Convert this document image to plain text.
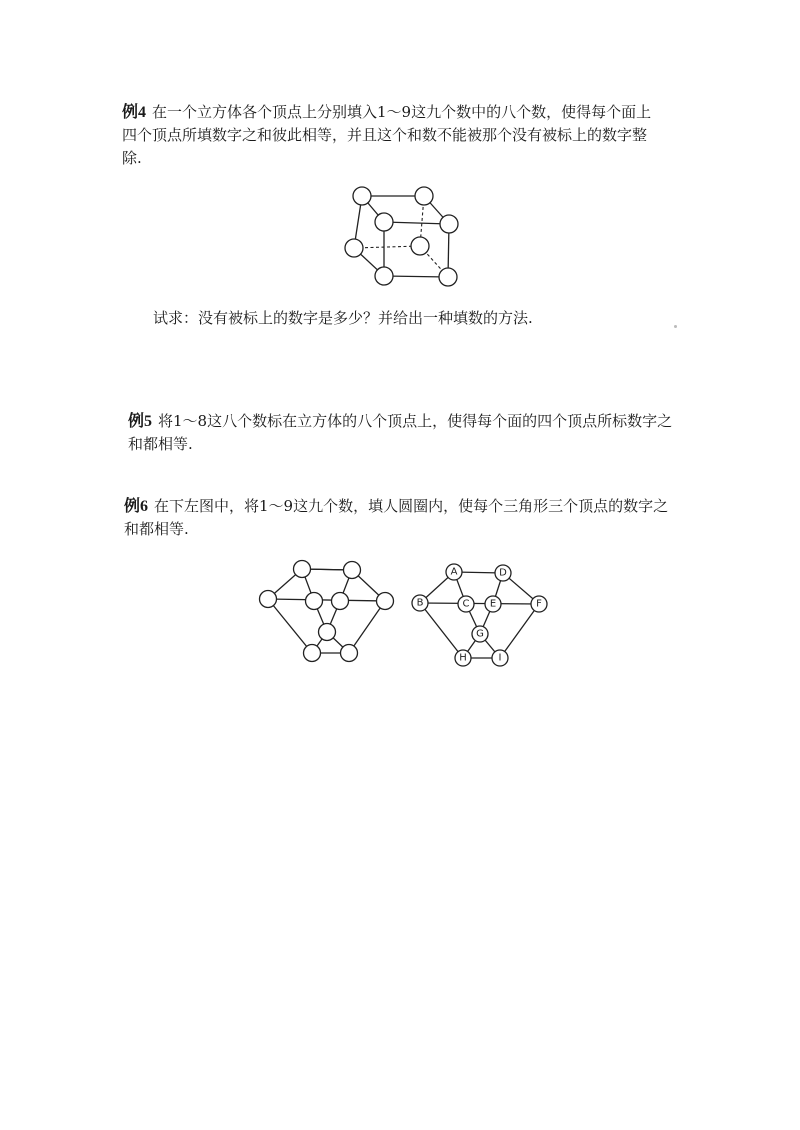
例4 在一个立方体各个顶点上分别填入1～9这九个数中的八个数，使得每个面上四个顶点所填数字之和彼此相等，并且这个和数不能被那个没有被标上的数字整除.

试求：没有被标上的数字是多少？并给出一种填数的方法.

例5 将1～8这八个数标在立方体的八个顶点上，使得每个面的四个顶点所标数字之和都相等.

例6 在下左图中，将1～9这九个数，填人圆圈内，使每个三角形三个顶点的数字之和都相等.

A	D
B	C E	F
G
H	I
